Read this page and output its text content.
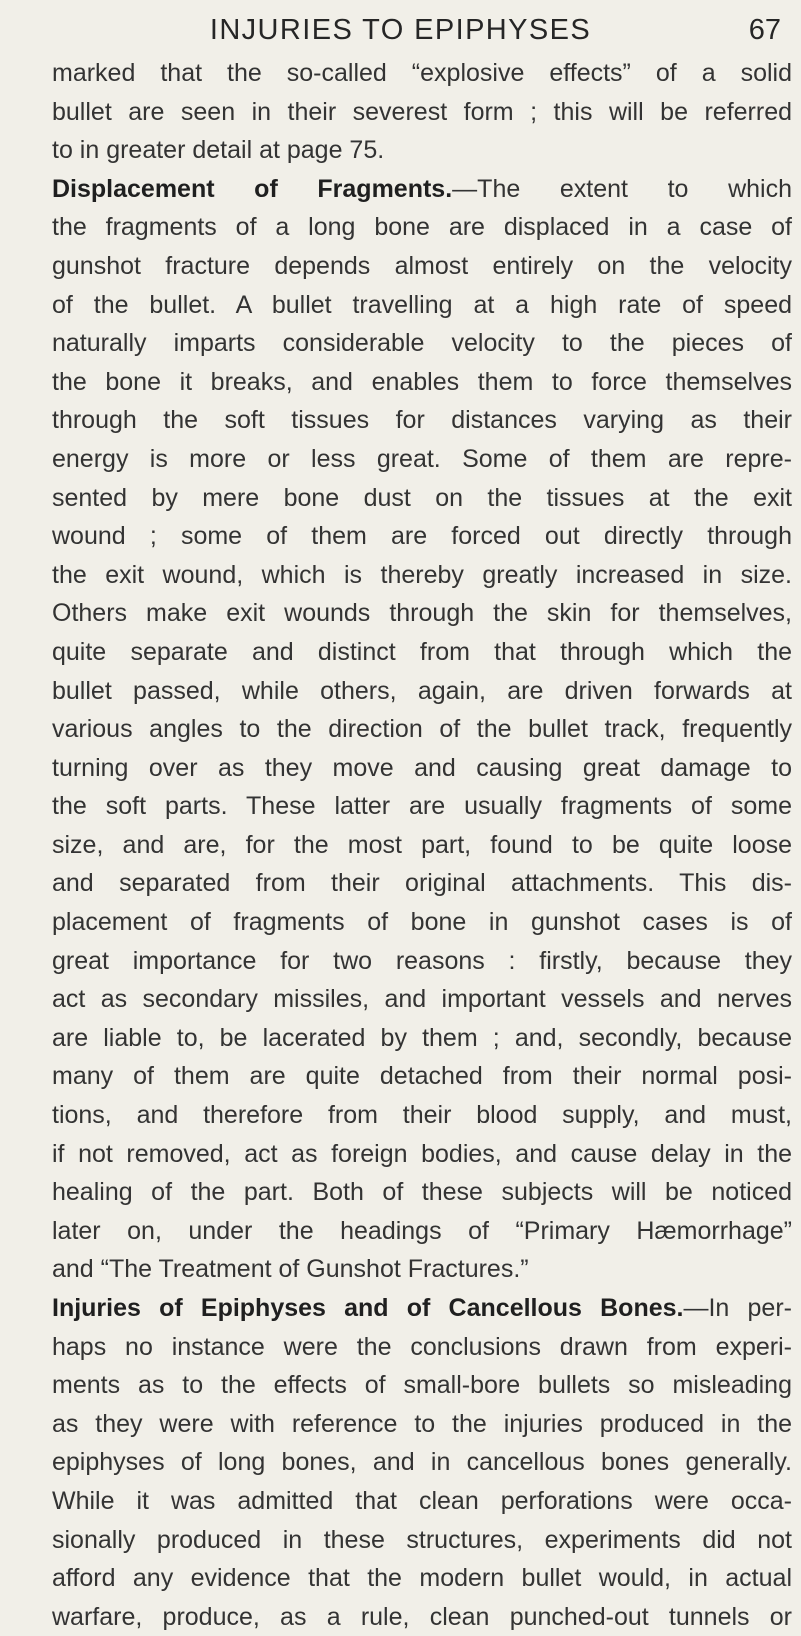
INJURIES TO EPIPHYSES	67
marked that the so-called “explosive effects” of a solid
bullet are seen in their severest form ; this will be referred
to in greater detail at page 75.
Displacement of Fragments.—The extent to which
the fragments of a long bone are displaced in a case of
gunshot fracture depends almost entirely on the velocity
of the bullet. A bullet travelling at a high rate of speed
naturally imparts considerable velocity to the pieces of
the bone it breaks, and enables them to force themselves
through the soft tissues for distances varying as their
energy is more or less great. Some of them are repre-
sented by mere bone dust on the tissues at the exit
wound ; some of them are forced out directly through
the exit wound, which is thereby greatly increased in size.
Others make exit wounds through the skin for themselves,
quite separate and distinct from that through which the
bullet passed, while others, again, are driven forwards at
various angles to the direction of the bullet track, frequently
turning over as they move and causing great damage to
the soft parts. These latter are usually fragments of some
size, and are, for the most part, found to be quite loose
and separated from their original attachments. This dis-
placement of fragments of bone in gunshot cases is of
great importance for two reasons : firstly, because they
act as secondary missiles, and important vessels and nerves
are liable to, be lacerated by them ; and, secondly, because
many of them are quite detached from their normal posi-
tions, and therefore from their blood supply, and must,
if not removed, act as foreign bodies, and cause delay in the
healing of the part. Both of these subjects will be noticed
later on, under the headings of “Primary Hæmorrhage”
and “The Treatment of Gunshot Fractures.”
Injuries of Epiphyses and of Cancellous Bones.—In per-
haps no instance were the conclusions drawn from experi-
ments as to the effects of small-bore bullets so misleading
as they were with reference to the injuries produced in the
epiphyses of long bones, and in cancellous bones generally.
While it was admitted that clean perforations were occa-
sionally produced in these structures, experiments did not
afford any evidence that the modern bullet would, in actual
warfare, produce, as a rule, clean punched-out tunnels or
